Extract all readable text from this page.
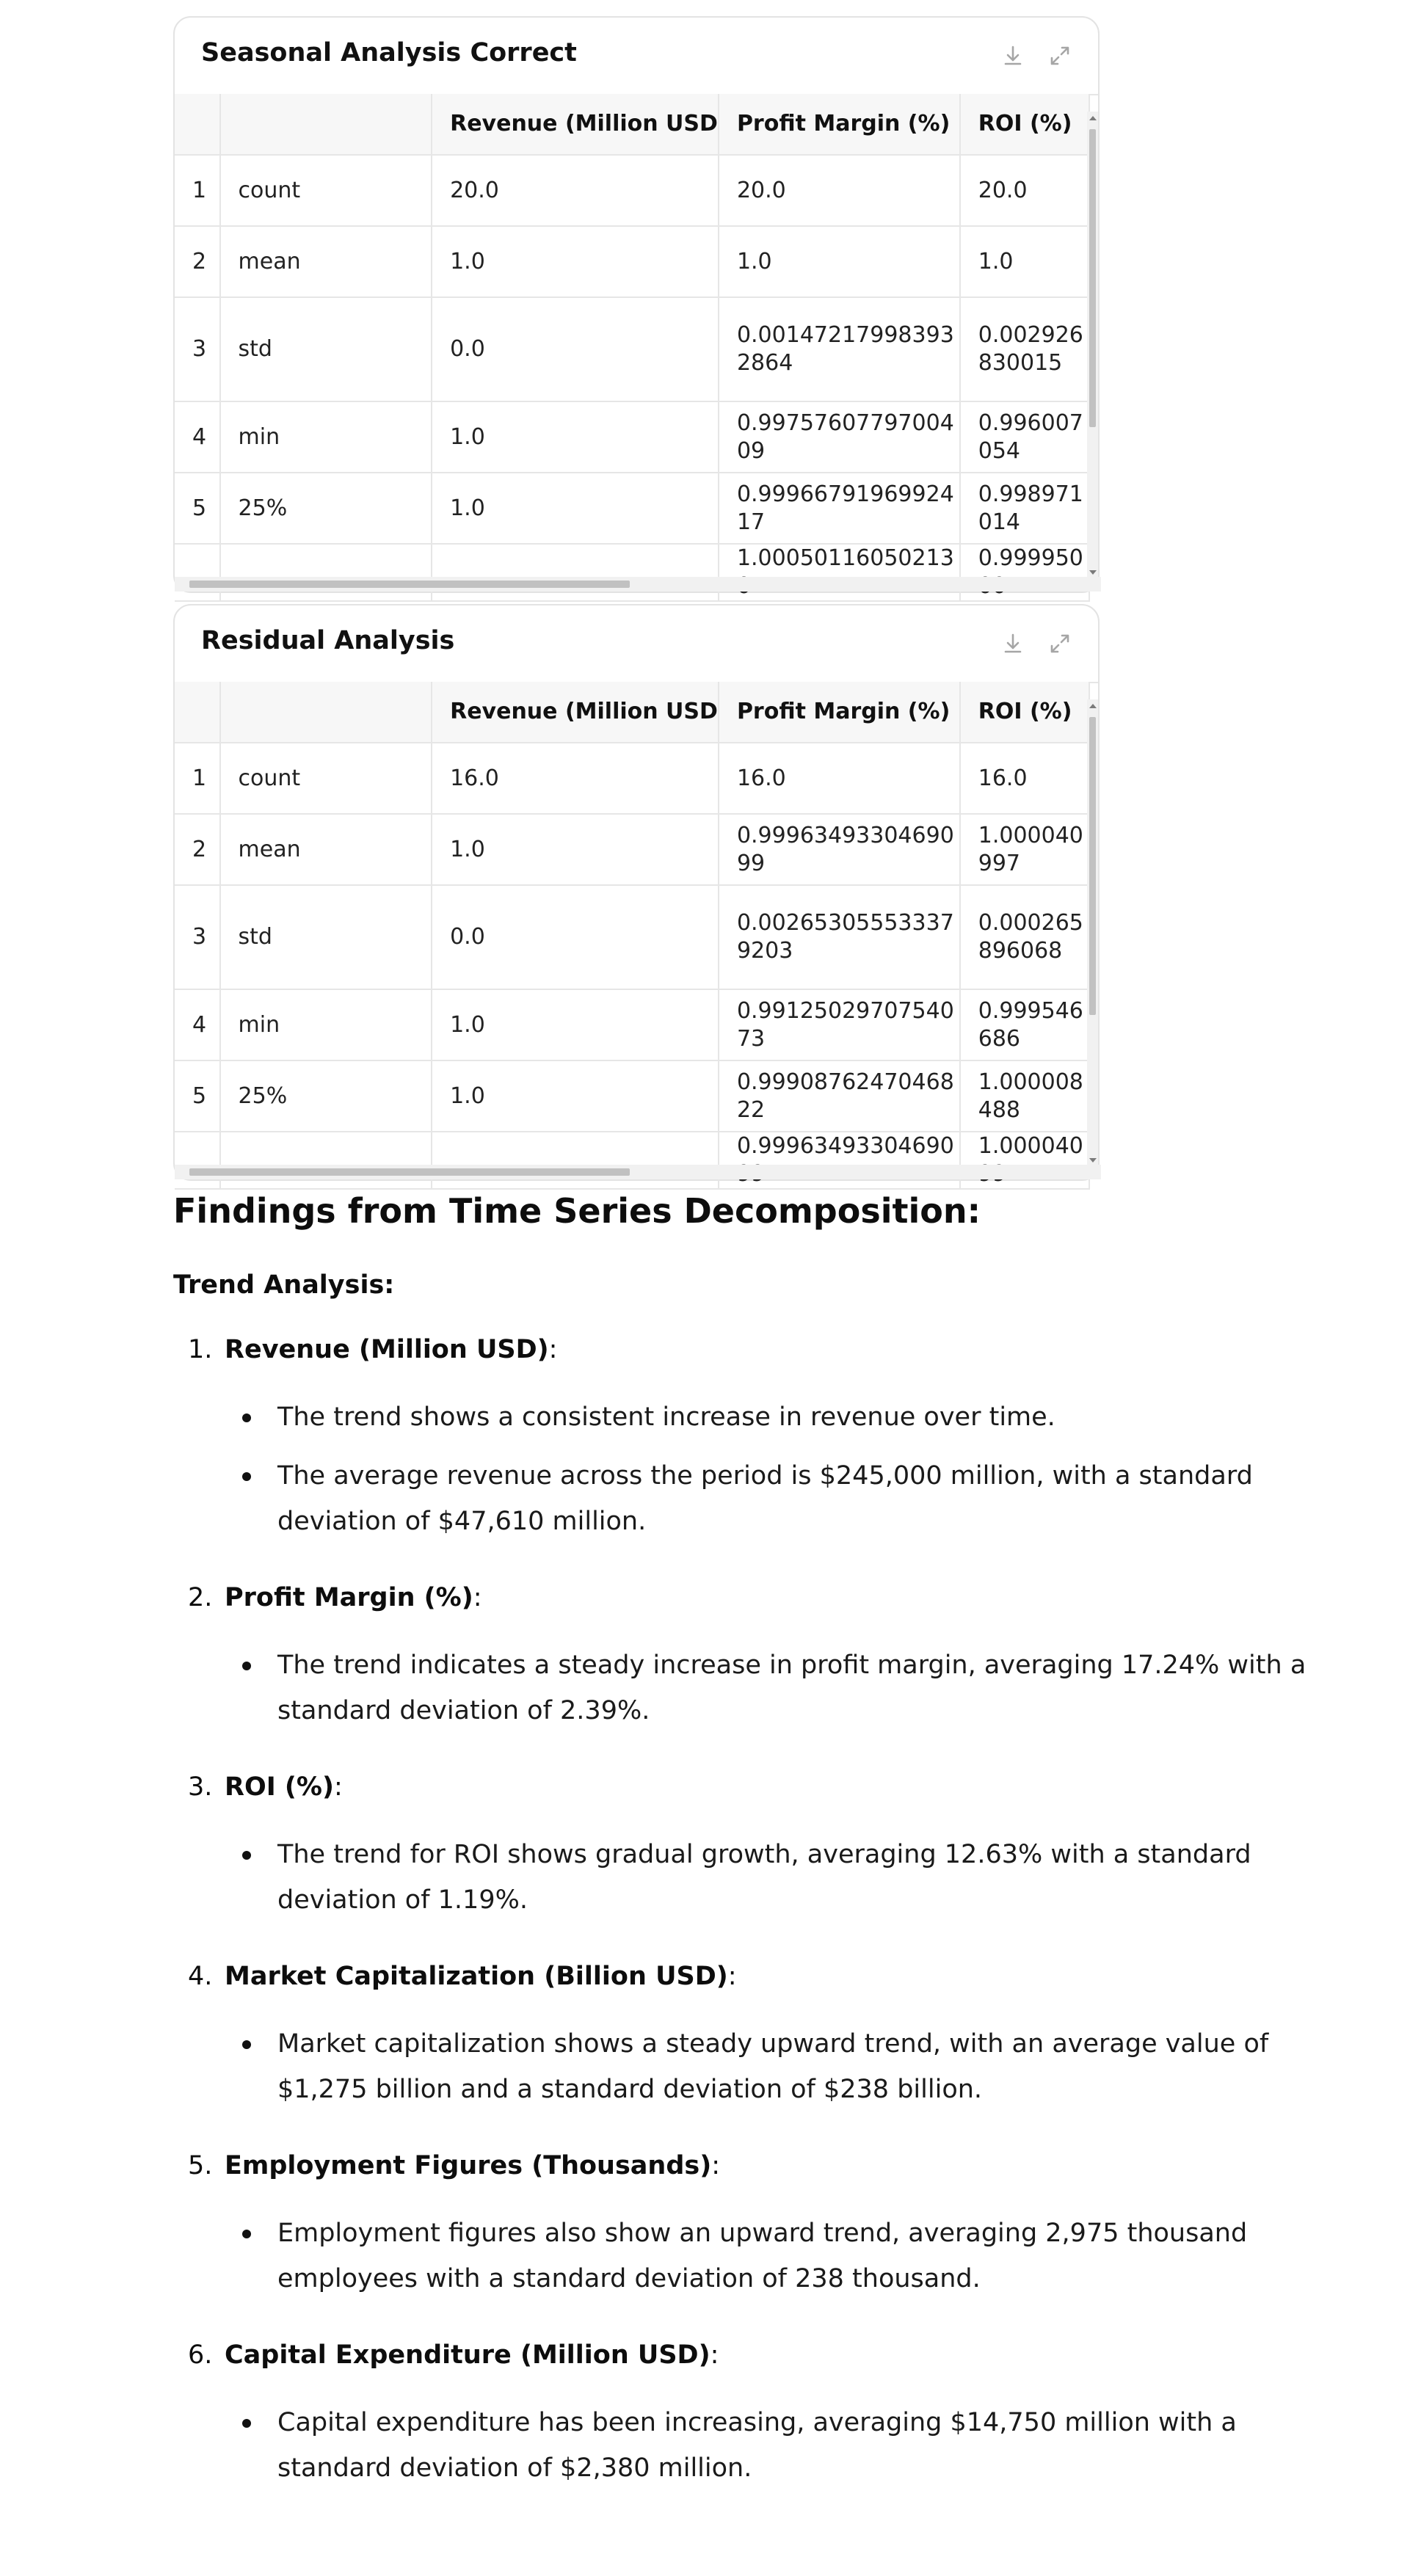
Seasonal Analysis Correct
		Revenue (Million USD	Profit Margin (%)	ROI (%)
1	count	20.0	20.0	20.0
2	mean	1.0	1.0	1.0
3	std	0.0	0.001472179983932864	0.002926830015
4	min	1.0	0.9975760779700409	0.996007054
5	25%	1.0	0.9996679196992417	0.998971014
			1.00050116050213	0.999950
Residual Analysis
		Revenue (Million USD	Profit Margin (%)	ROI (%)
1	count	16.0	16.0	16.0
2	mean	1.0	0.9996349330469099	1.000040997
3	std	0.0	0.002653055533379203	0.000265896068
4	min	1.0	0.9912502970754073	0.999546686
5	25%	1.0	0.9990876247046822	1.000008488
			0.99963493304690	1.000040
Findings from Time Series Decomposition:
Trend Analysis:
1. Revenue (Million USD):
The trend shows a consistent increase in revenue over time.
The average revenue across the period is $245,000 million, with a standard deviation of $47,610 million.
2. Profit Margin (%):
The trend indicates a steady increase in profit margin, averaging 17.24% with a standard deviation of 2.39%.
3. ROI (%):
The trend for ROI shows gradual growth, averaging 12.63% with a standard deviation of 1.19%.
4. Market Capitalization (Billion USD):
Market capitalization shows a steady upward trend, with an average value of $1,275 billion and a standard deviation of $238 billion.
5. Employment Figures (Thousands):
Employment figures also show an upward trend, averaging 2,975 thousand employees with a standard deviation of 238 thousand.
6. Capital Expenditure (Million USD):
Capital expenditure has been increasing, averaging $14,750 million with a standard deviation of $2,380 million.
